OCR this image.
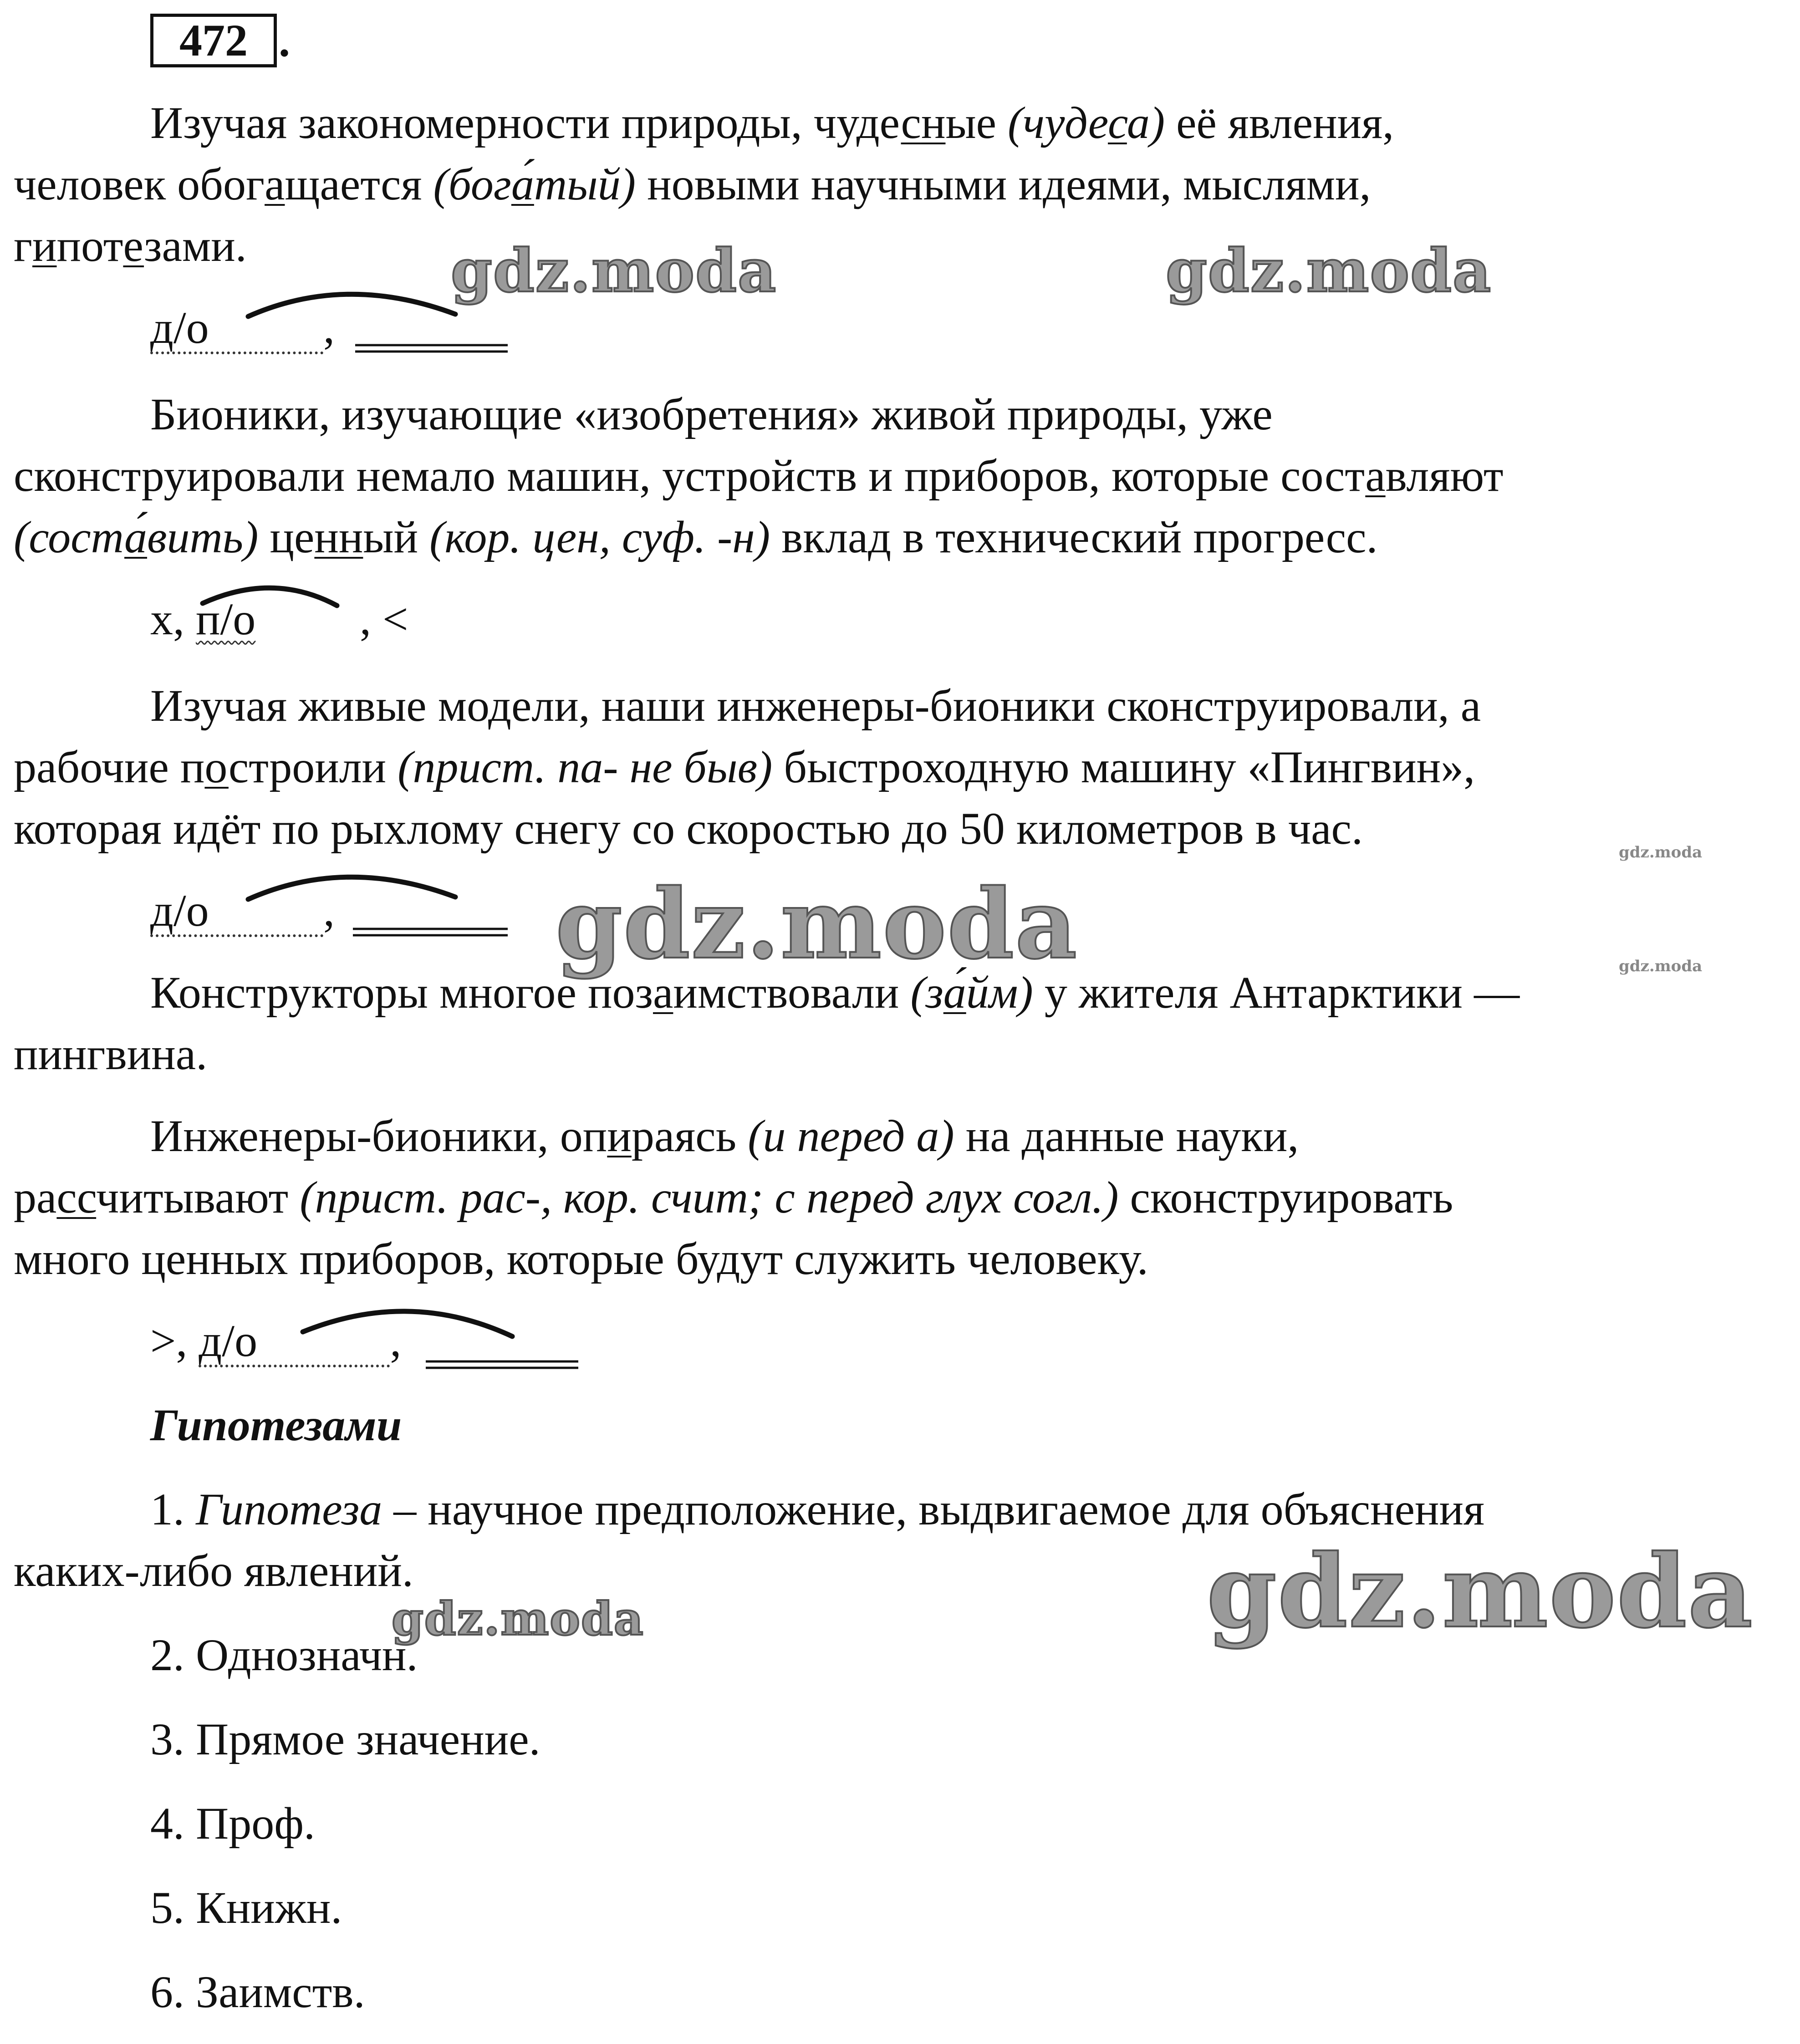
472 .
Изучая закономерности природы, чудесные (чудеса) её явления,
человек обогащается (бога ́тый) новыми научными идеями, мыслями,
гипотезами.
д/о	,
Бионики, изучающие «изобретения» живой природы, уже
сконструировали немало машин, устройств и приборов, которые составляют
(соста ́вить) ценный (кор. цен, суф. -н) вклад в технический прогресс.
х, п/о , <
Изучая живые модели, наши инженеры-бионики сконструировали, а
рабочие построили (прист. па- не быв) быстроходную машину «Пингвин»,
которая идёт по рыхлому снегу со скоростью до 50 километров в час.
д/о	,
Конструкторы многое позаимствовали (за ́йм) у жителя Антарктики —
пингвина.
Инженеры-бионики, опираясь (и перед а) на данные науки,
рассчитывают (прист. рас-, кор. счит; с перед глух согл.) сконструировать
много ценных приборов, которые будут служить человеку.
>, д/о	,
Гипотезами
1. Гипотеза – научное предположение, выдвигаемое для объяснения
каких-либо явлений.
2. Однозначн.
3. Прямое значение.
4. Проф.
5. Книжн.
6. Заимств.
gdz.moda	gdz.moda
gdz.moda
gdz.moda
gdz.moda
gdz.moda
gdz.moda
